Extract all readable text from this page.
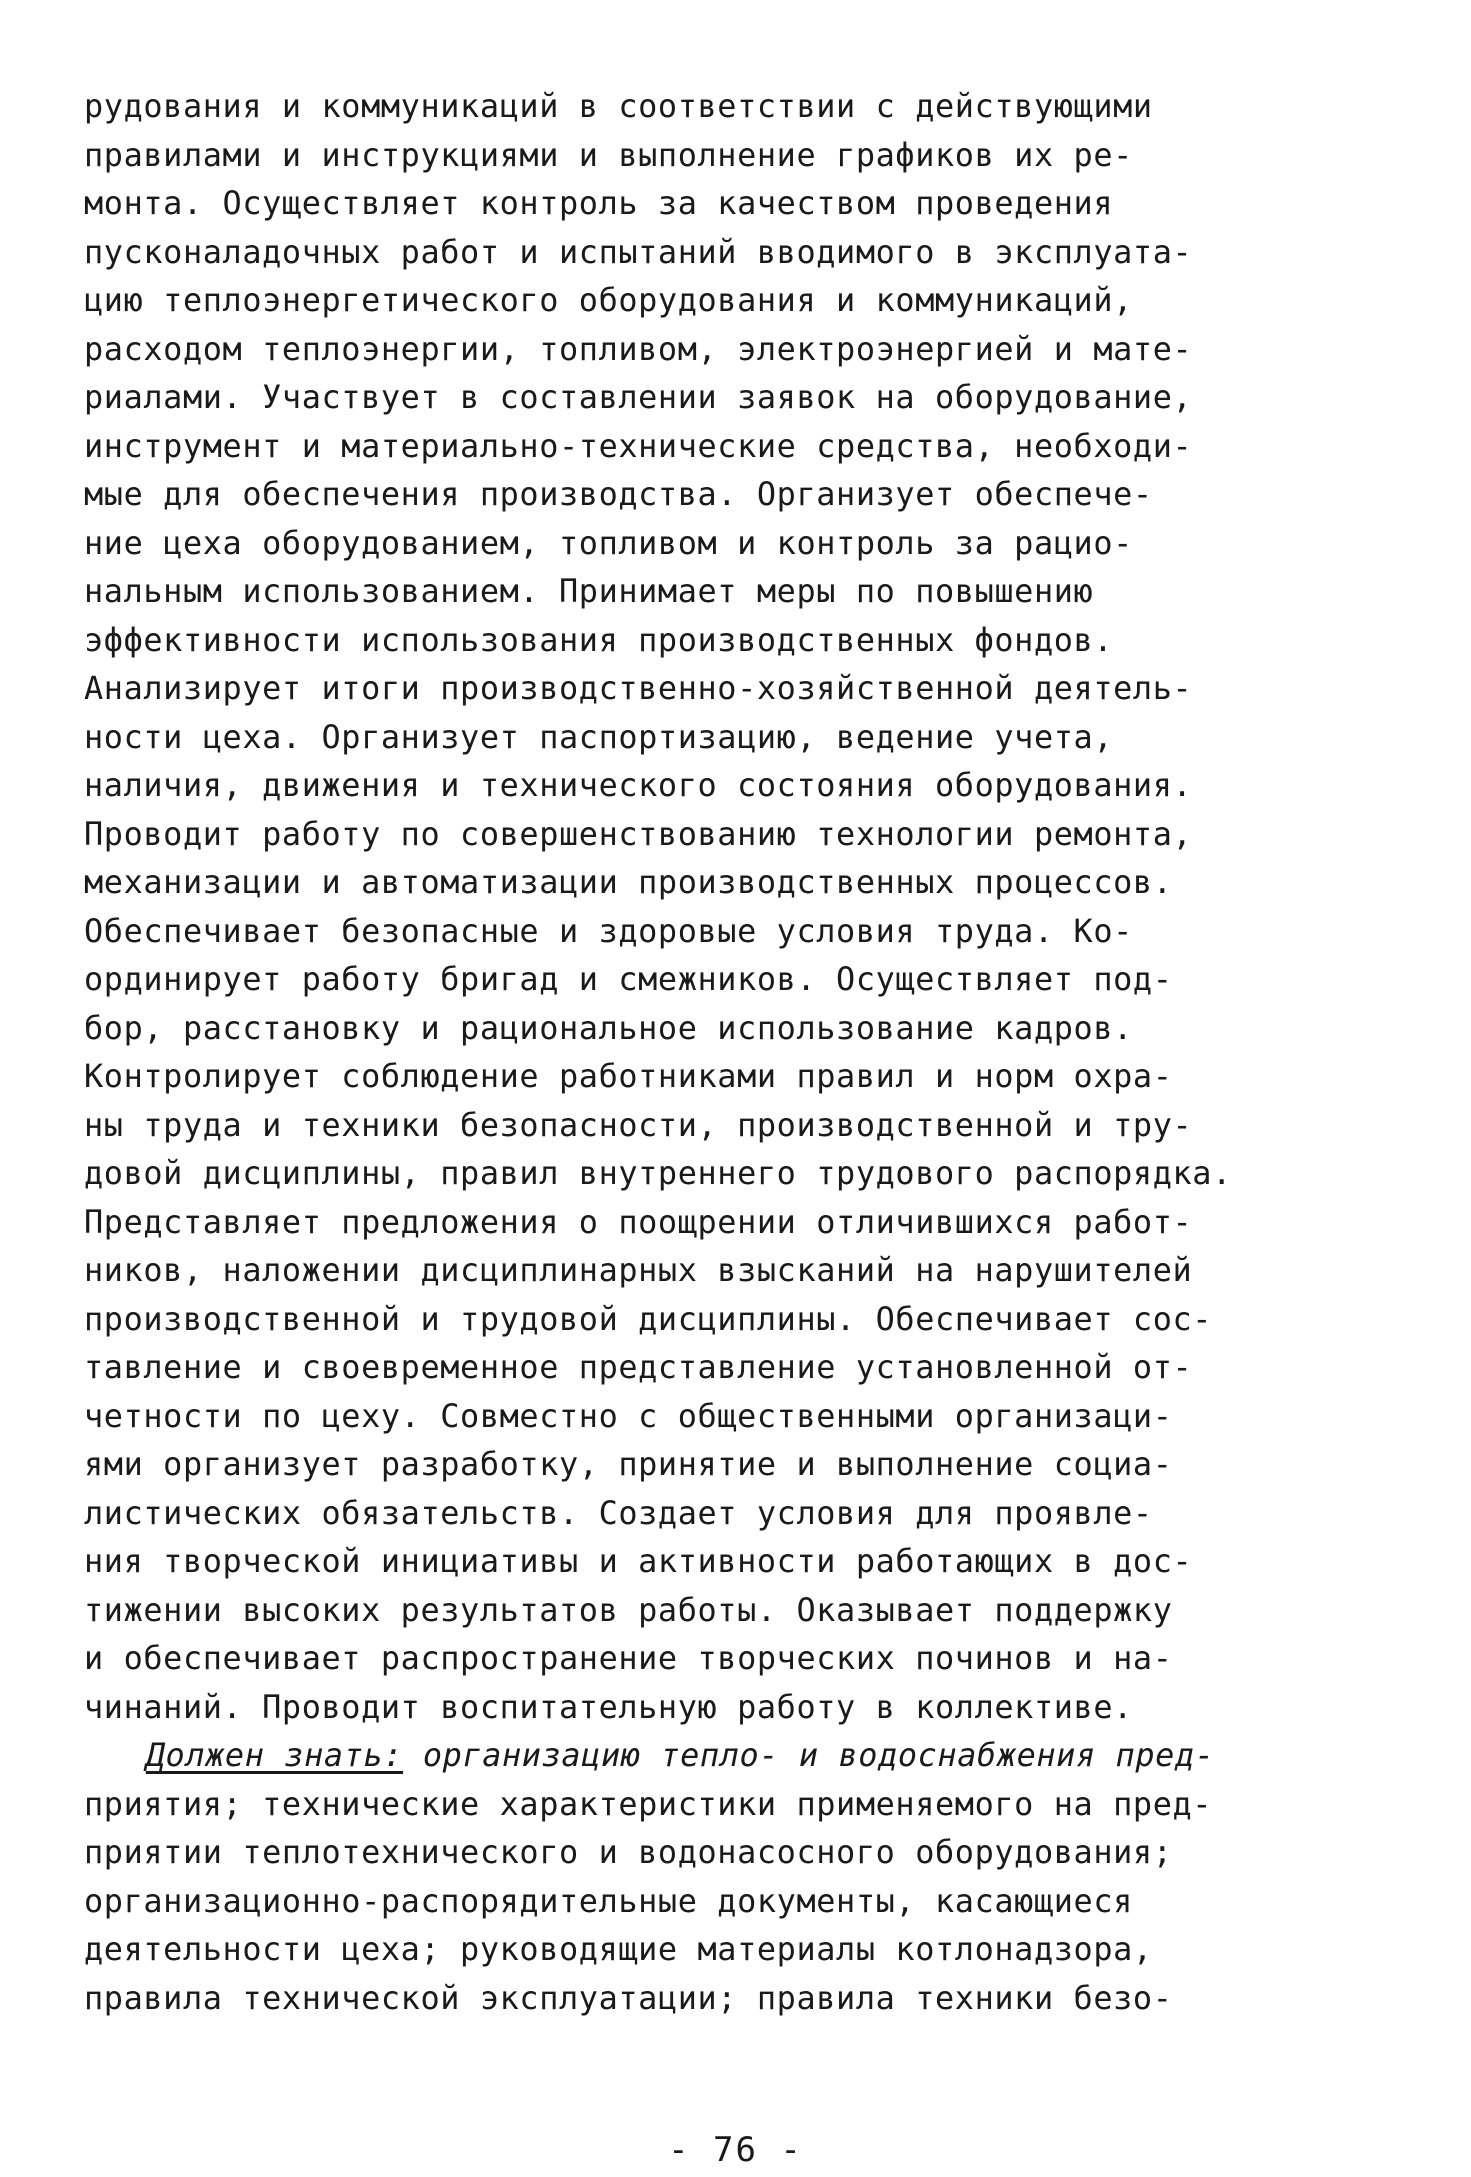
рудования и коммуникаций в соответствии с действующими
правилами и инструкциями и выполнение графиков их ре-
монта. Осуществляет контроль за качеством проведения
пусконаладочных работ и испытаний вводимого в эксплуата-
цию теплоэнергетического оборудования и коммуникаций,
расходом теплоэнергии, топливом, электроэнергией и мате-
риалами. Участвует в составлении заявок на оборудование,
инструмент и материально-технические средства, необходи-
мые для обеспечения производства. Организует обеспече-
ние цеха оборудованием, топливом и контроль за рацио-
нальным использованием. Принимает меры по повышению
эффективности использования производственных фондов.
Анализирует итоги производственно-хозяйственной деятель-
ности цеха. Организует паспортизацию, ведение учета,
наличия, движения и технического состояния оборудования.
Проводит работу по совершенствованию технологии ремонта,
механизации и автоматизации производственных процессов.
Обеспечивает безопасные и здоровые условия труда. Ко-
ординирует работу бригад и смежников. Осуществляет под-
бор, расстановку и рациональное использование кадров.
Контролирует соблюдение работниками правил и норм охра-
ны труда и техники безопасности, производственной и тру-
довой дисциплины, правил внутреннего трудового распорядка.
Представляет предложения о поощрении отличившихся работ-
ников, наложении дисциплинарных взысканий на нарушителей
производственной и трудовой дисциплины. Обеспечивает сос-
тавление и своевременное представление установленной от-
четности по цеху. Совместно с общественными организаци-
ями организует разработку, принятие и выполнение социа-
листических обязательств. Создает условия для проявле-
ния творческой инициативы и активности работающих в дос-
тижении высоких результатов работы. Оказывает поддержку
и обеспечивает распространение творческих починов и на-
чинаний. Проводит воспитательную работу в коллективе.
Должен знать: организацию тепло- и водоснабжения пред-
приятия; технические характеристики применяемого на пред-
приятии теплотехнического и водонасосного оборудования;
организационно-распорядительные документы, касающиеся
деятельности цеха; руководящие материалы котлонадзора,
правила технической эксплуатации; правила техники безо-
- 76 -
